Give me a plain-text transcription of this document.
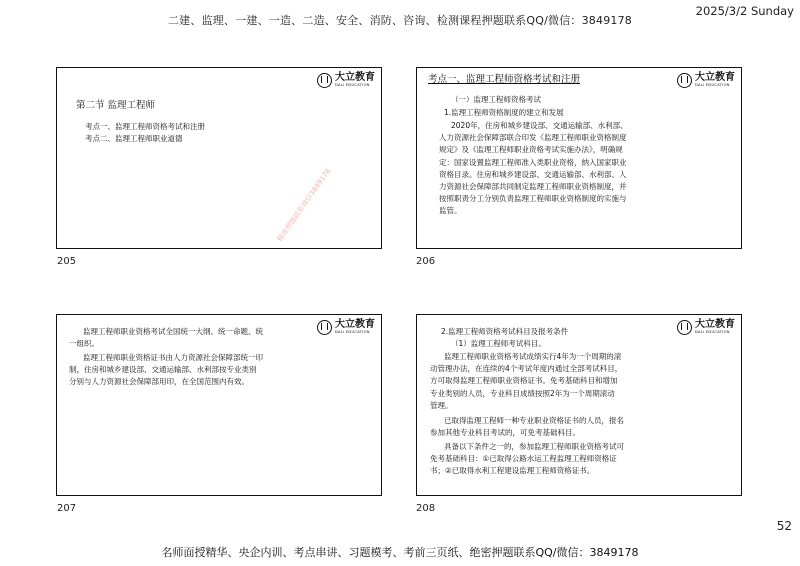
二建、监理、一建、一造、二造、安全、消防、咨询、检测课程押题联系QQ/微信：3849178
2025/3/2 Sunday
大立教育
DALI EDUCATION
第二节 监理工程师
考点一、监理工程师资格考试和注册
考点二、监理工程师职业道德
精准押题联系微信3849178
205
大立教育
DALI EDUCATION
考点一、监理工程师资格考试和注册
（一）监理工程师资格考试
1.监理工程师资格制度的建立和发展
2020年，住房和城乡建设部、交通运输部、水利部、
人力资源社会保障部联合印发《监理工程师职业资格制度
规定》及《监理工程师职业资格考试实施办法》，明确规
定：国家设置监理工程师准入类职业资格，纳入国家职业
资格目录。住房和城乡建设部、交通运输部、水利部、人
力资源社会保障部共同制定监理工程师职业资格制度，并
按照职责分工分别负责监理工程师职业资格制度的实施与
监管。
206
大立教育
DALI EDUCATION
监理工程师职业资格考试全国统一大纲、统一命题、统
一组织。
监理工程师职业资格证书由人力资源社会保障部统一印
制，住房和城乡建设部、交通运输部、水利部按专业类别
分别与人力资源社会保障部用印，在全国范围内有效。
207
大立教育
DALI EDUCATION
2.监理工程师资格考试科目及报考条件
（1）监理工程师考试科目。
监理工程师职业资格考试成绩实行4年为一个周期的滚
动管理办法，在连续的4个考试年度内通过全部考试科目，
方可取得监理工程师职业资格证书。免考基础科目和增加
专业类别的人员，专业科目成绩按照2年为一个周期滚动
管理。
已取得监理工程师一种专业职业资格证书的人员，报名
参加其他专业科目考试的，可免考基础科目。
具备以下条件之一的，参加监理工程师职业资格考试可
免考基础科目：①已取得公路水运工程监理工程师资格证
书；②已取得水利工程建设监理工程师资格证书。
208
52
名师面授精华、央企内训、考点串讲、习题模考、考前三页纸、绝密押题联系QQ/微信：3849178
